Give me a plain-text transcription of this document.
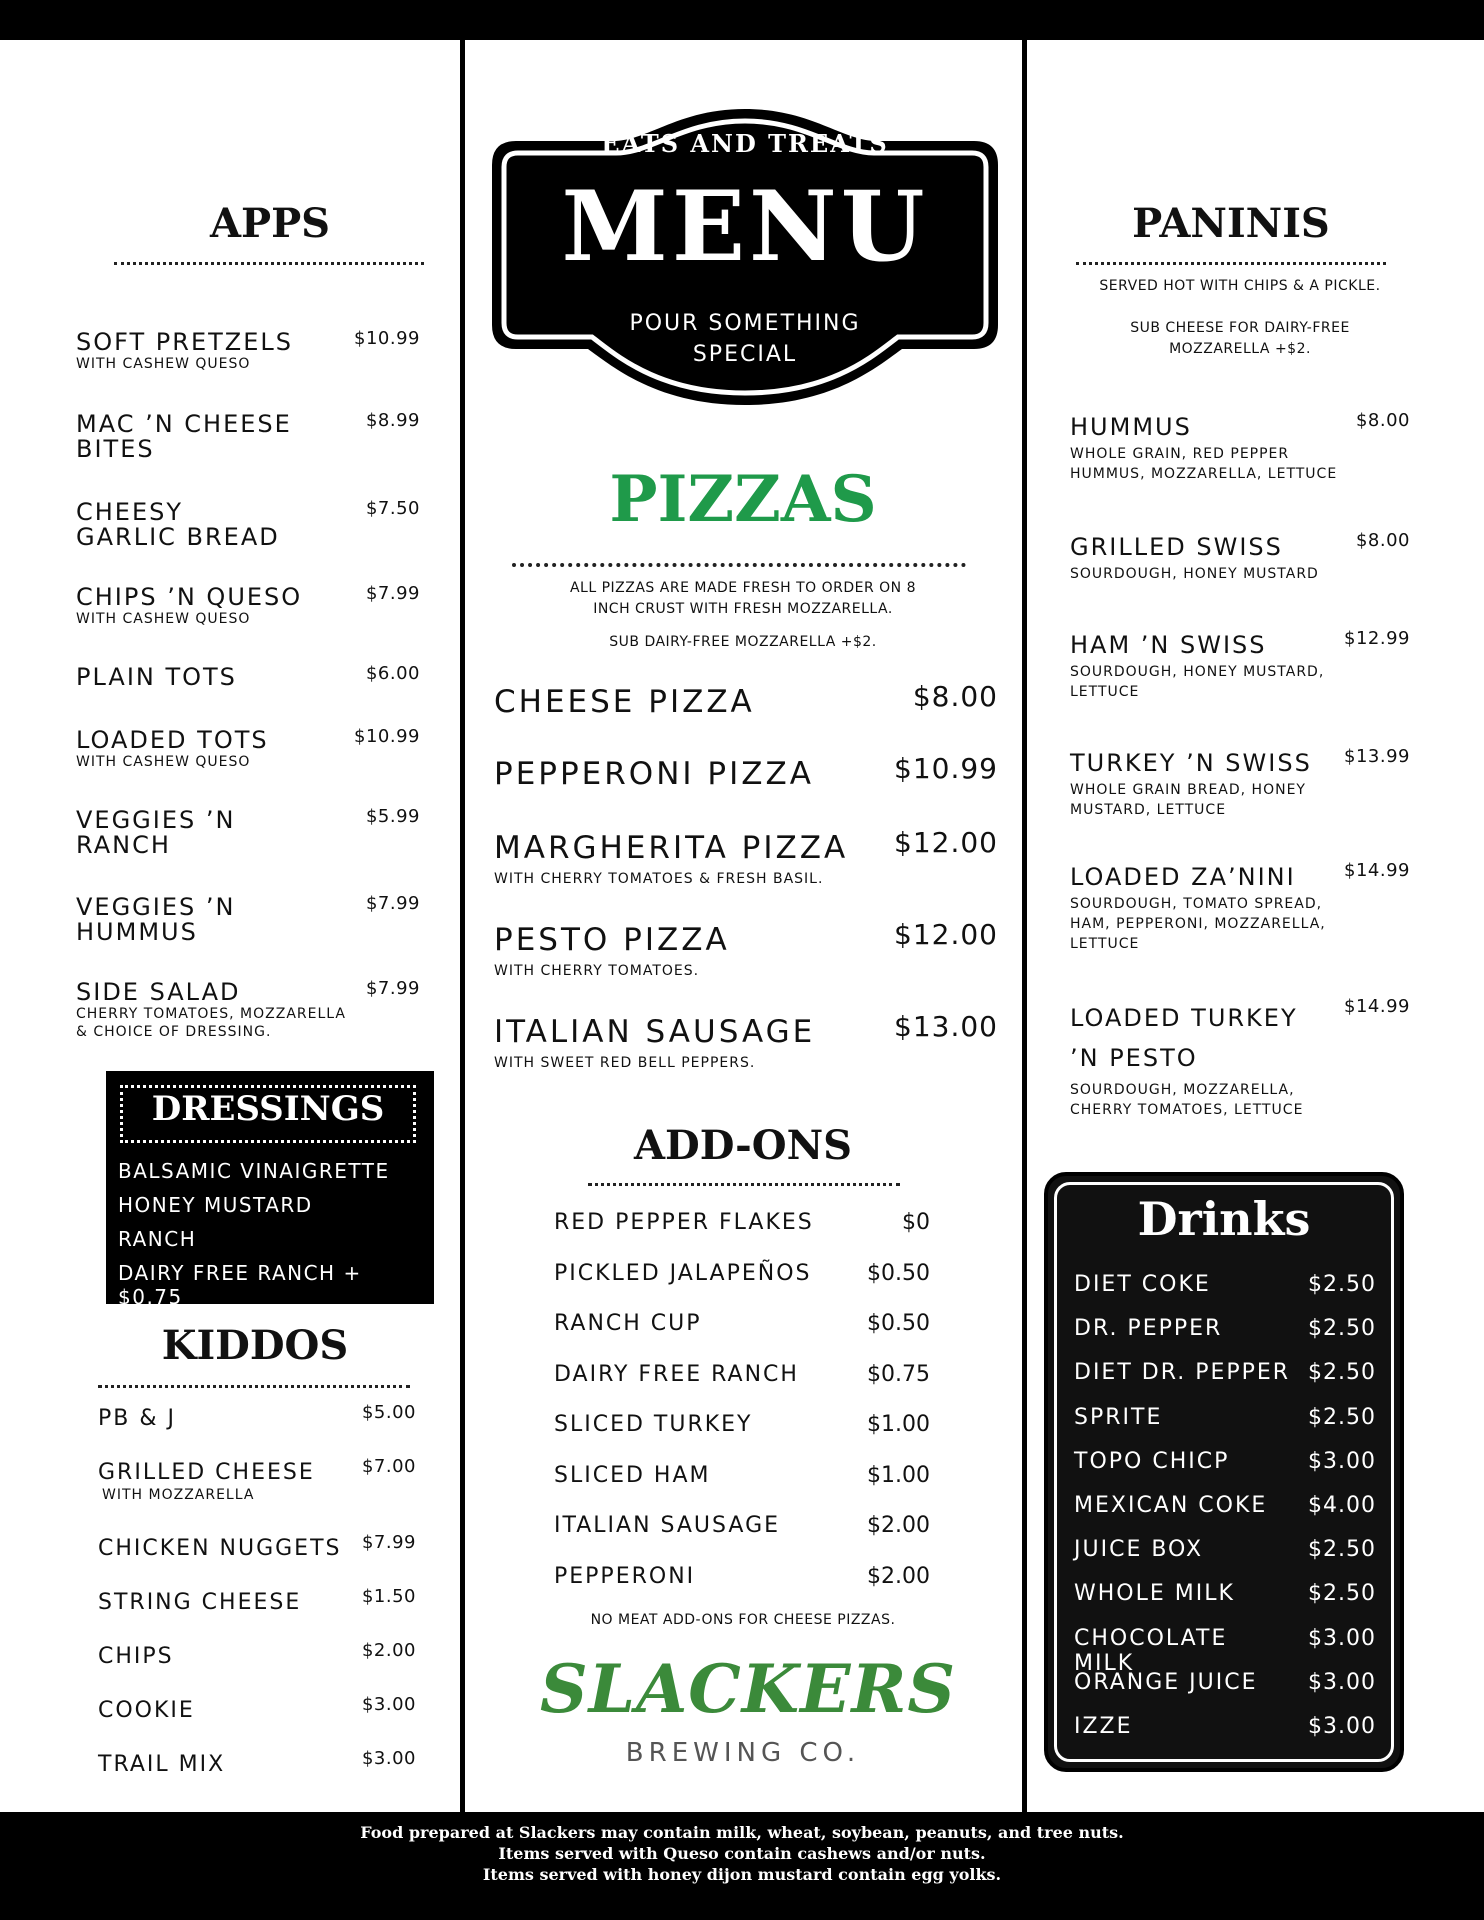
APPS
SOFT PRETZELS	$10.99
WITH CASHEW QUESO
MAC ’N CHEESE
BITES
$8.99
CHEESY
GARLIC BREAD
$7.50
CHIPS ’N QUESO	$7.99
WITH CASHEW QUESO
PLAIN TOTS	$6.00
LOADED TOTS	$10.99
WITH CASHEW QUESO
VEGGIES ’N
RANCH
$5.99
VEGGIES ’N
HUMMUS
$7.99
SIDE SALAD	$7.99
CHERRY TOMATOES, MOZZARELLA
& CHOICE OF DRESSING.
DRESSINGS
BALSAMIC VINAIGRETTE
HONEY MUSTARD
RANCH
DAIRY FREE RANCH + $0.75
KIDDOS
PB & J	$5.00
GRILLED CHEESE	$7.00
WITH MOZZARELLA
CHICKEN NUGGETS	$7.99
STRING CHEESE	$1.50
CHIPS	$2.00
COOKIE	$3.00
TRAIL MIX	$3.00
EATS AND TREATS
MENU
POUR SOMETHING
SPECIAL
PIZZAS
ALL PIZZAS ARE MADE FRESH TO ORDER ON 8
INCH CRUST WITH FRESH MOZZARELLA.
SUB DAIRY-FREE MOZZARELLA +$2.
CHEESE PIZZA	$8.00
PEPPERONI PIZZA	$10.99
MARGHERITA PIZZA	$12.00
WITH CHERRY TOMATOES & FRESH BASIL.
PESTO PIZZA	$12.00
WITH CHERRY TOMATOES.
ITALIAN SAUSAGE	$13.00
WITH SWEET RED BELL PEPPERS.
ADD-ONS
RED PEPPER FLAKES	$0
PICKLED JALAPEÑOS	$0.50
RANCH CUP	$0.50
DAIRY FREE RANCH	$0.75
SLICED TURKEY	$1.00
SLICED HAM	$1.00
ITALIAN SAUSAGE	$2.00
PEPPERONI	$2.00
NO MEAT ADD-ONS FOR CHEESE PIZZAS.
SLACKERS
BREWING CO.
PANINIS
SERVED HOT WITH CHIPS & A PICKLE.
SUB CHEESE FOR DAIRY-FREE
MOZZARELLA +$2.
HUMMUS	$8.00
WHOLE GRAIN, RED PEPPER
HUMMUS, MOZZARELLA, LETTUCE
GRILLED SWISS	$8.00
SOURDOUGH, HONEY MUSTARD
HAM ’N SWISS	$12.99
SOURDOUGH, HONEY MUSTARD,
LETTUCE
TURKEY ’N SWISS	$13.99
WHOLE GRAIN BREAD, HONEY
MUSTARD, LETTUCE
LOADED ZA’NINI	$14.99
SOURDOUGH, TOMATO SPREAD,
HAM, PEPPERONI, MOZZARELLA,
LETTUCE
LOADED TURKEY
’N PESTO
$14.99
SOURDOUGH, MOZZARELLA,
CHERRY TOMATOES, LETTUCE
Drinks
DIET COKE	$2.50
DR. PEPPER	$2.50
DIET DR. PEPPER $2.50
SPRITE	$2.50
TOPO CHICP	$3.00
MEXICAN COKE	$4.00
JUICE BOX	$2.50
WHOLE MILK	$2.50
CHOCOLATE MILK
$3.00
ORANGE JUICE	$3.00
IZZE	$3.00
Food prepared at Slackers may contain milk, wheat, soybean, peanuts, and tree nuts.
Items served with Queso contain cashews and/or nuts.
Items served with honey dijon mustard contain egg yolks.
